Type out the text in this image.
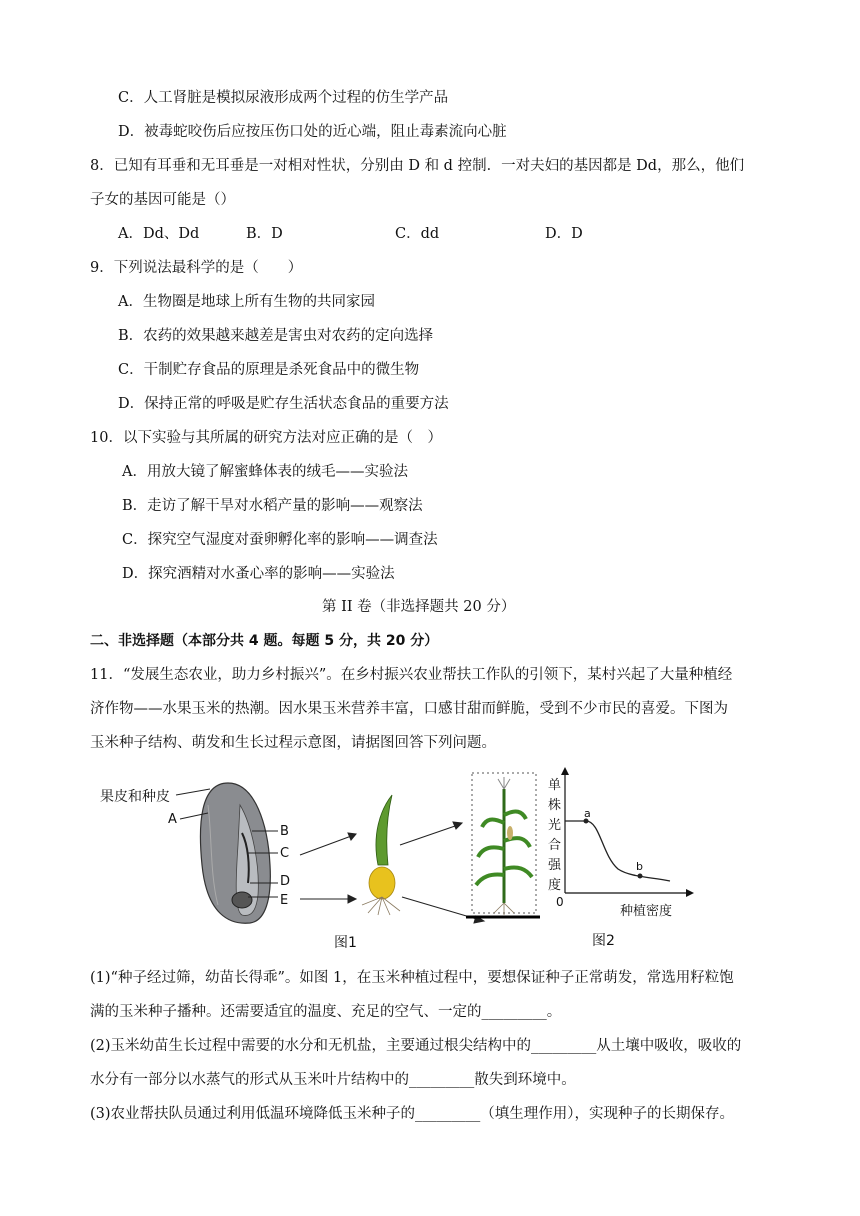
C．人工肾脏是模拟尿液形成两个过程的仿生学产品
D．被毒蛇咬伤后应按压伤口处的近心端，阻止毒素流向心脏
8．已知有耳垂和无耳垂是一对相对性状，分别由 D 和 d 控制．一对夫妇的基因都是 Dd，那么，他们
子女的基因可能是（）
A．Dd、Dd	B．D	C．dd	D．D
9．下列说法最科学的是（　　）
A．生物圈是地球上所有生物的共同家园
B．农药的效果越来越差是害虫对农药的定向选择
C．干制贮存食品的原理是杀死食品中的微生物
D．保持正常的呼吸是贮存生活状态食品的重要方法
10．以下实验与其所属的研究方法对应正确的是（　）
A．用放大镜了解蜜蜂体表的绒毛——实验法
B．走访了解干旱对水稻产量的影响——观察法
C．探究空气湿度对蚕卵孵化率的影响——调查法
D．探究酒精对水蚤心率的影响——实验法
第 II 卷（非选择题共 20 分）
二、非选择题（本部分共 4 题。每题 5 分，共 20 分）
11．“发展生态农业，助力乡村振兴”。在乡村振兴农业帮扶工作队的引领下，某村兴起了大量种植经
济作物——水果玉米的热潮。因水果玉米营养丰富，口感甘甜而鲜脆，受到不少市民的喜爱。下图为
玉米种子结构、萌发和生长过程示意图，请据图回答下列问题。
果皮和种皮
A
B
C
D
E
图1
单
株
光
合
强
度
0
a
b
种植密度
图2
(1)“种子经过筛，幼苗长得乖”。如图 1，在玉米种植过程中，要想保证种子正常萌发，常选用籽粒饱
满的玉米种子播种。还需要适宜的温度、充足的空气、一定的_________。
(2)玉米幼苗生长过程中需要的水分和无机盐，主要通过根尖结构中的_________从土壤中吸收，吸收的
水分有一部分以水蒸气的形式从玉米叶片结构中的_________散失到环境中。
(3)农业帮扶队员通过利用低温环境降低玉米种子的_________（填生理作用），实现种子的长期保存。
